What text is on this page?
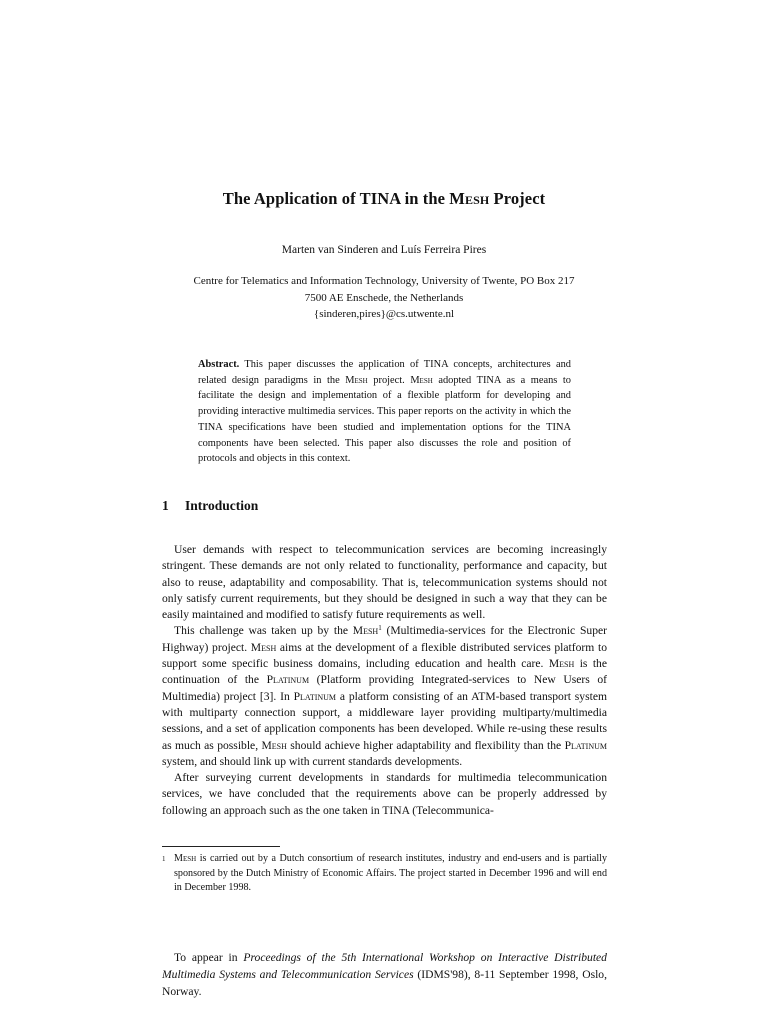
The Application of TINA in the Mesh Project
Marten van Sinderen and Luís Ferreira Pires
Centre for Telematics and Information Technology, University of Twente, PO Box 217
7500 AE Enschede, the Netherlands
{sinderen,pires}@cs.utwente.nl
Abstract. This paper discusses the application of TINA concepts, architectures and related design paradigms in the Mesh project. Mesh adopted TINA as a means to facilitate the design and implementation of a flexible platform for developing and providing interactive multimedia services. This paper reports on the activity in which the TINA specifications have been studied and implementation options for the TINA components have been selected. This paper also discusses the role and position of protocols and objects in this context.
1 Introduction

User demands with respect to telecommunication services are becoming increasingly stringent. These demands are not only related to functionality, performance and capacity, but also to reuse, adaptability and composability. That is, telecommunication systems should not only satisfy current requirements, but they should be designed in such a way that they can be easily maintained and modified to satisfy future requirements as well.

This challenge was taken up by the Mesh$^1$ (Multimedia-services for the Electronic Super Highway) project. Mesh aims at the development of a flexible distributed services platform to support some specific business domains, including education and health care. Mesh is the continuation of the Platinum (Platform providing Integrated-services to New Users of Multimedia) project [3]. In Platinum a platform consisting of an ATM-based transport system with multiparty connection support, a middleware layer providing multiparty/multimedia sessions, and a set of application components has been developed. While re-using these results as much as possible, Mesh should achieve higher adaptability and flexibility than the Platinum system, and should link up with current standards developments.

After surveying current developments in standards for multimedia telecommunication services, we have concluded that the requirements above can be properly addressed by following an approach such as the one taken in TINA (Telecommunica-

1 Mesh is carried out by a Dutch consortium of research institutes, industry and end-users and is partially sponsored by the Dutch Ministry of Economic Affairs. The project started in December 1996 and will end in December 1998.

To appear in Proceedings of the 5th International Workshop on Interactive Distributed Multimedia Systems and Telecommunication Services (IDMS'98), 8-11 September 1998, Oslo, Norway.
